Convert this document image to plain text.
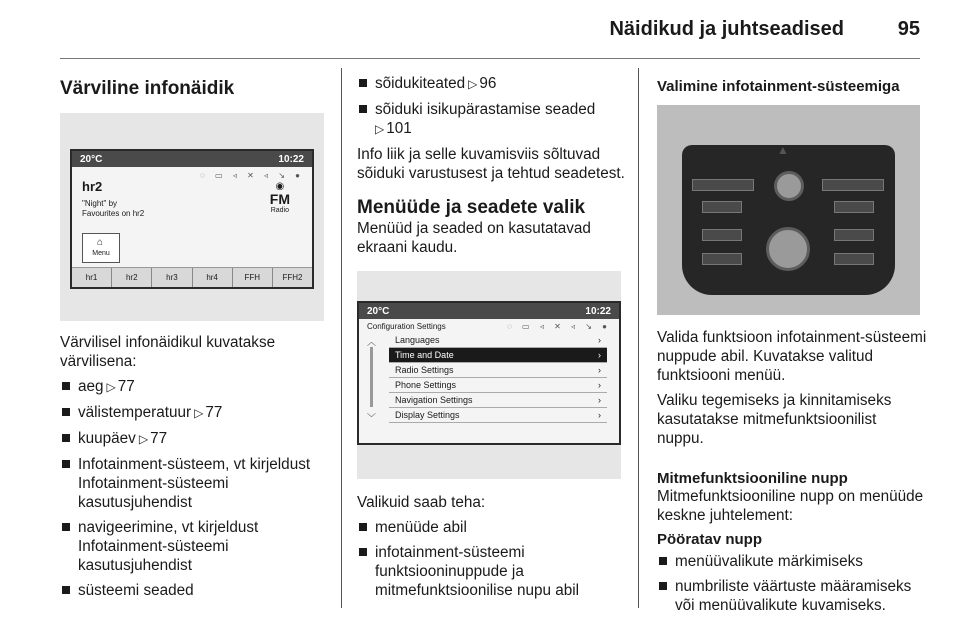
Näidikud ja juhtseadised	95
Värviline infonäidik
20°C	10:22
◌ ▭ ◃ ✕ ◃ ↘ ●
hr2
"Night" by
Favourites on hr2
◉
FM
Radio
⌂
Menu
hr1	hr2	hr3	hr4	FFH	FFH2
Värvilisel infonäidikul kuvatakse värvilisena:
aeg ▷ 77
välistemperatuur ▷ 77
kuupäev ▷ 77
Infotainment-süsteem, vt kirjeldust Infotainment-süsteemi kasutusjuhendist
navigeerimine, vt kirjeldust Infotainment-süsteemi kasutusjuhendist
süsteemi seaded
sõidukiteated ▷ 96
sõiduki isikupärastamise seaded
▷ 101
Info liik ja selle kuvamisviis sõltuvad sõiduki varustusest ja tehtud seadetest.
Menüüde ja seadete valik
Menüüd ja seaded on kasutatavad ekraani kaudu.
20°C	10:22
Configuration Settings	◌ ▭ ◃ ✕ ◃ ↘ ●
︿
﹀
Languages	›
Time and Date	›
Radio Settings	›
Phone Settings	›
Navigation Settings	›
Display Settings	›
Valikuid saab teha:
menüüde abil
infotainment-süsteemi funktsiooninuppude ja mitmefunktsioonilise nupu abil
Valimine infotainment-süsteemiga
▲
Valida funktsioon infotainment-süsteemi nuppude abil. Kuvatakse valitud funktsiooni menüü.
Valiku tegemiseks ja kinnitamiseks kasutatakse mitmefunktsioonilist nuppu.
Mitmefunktsiooniline nupp
Mitmefunktsiooniline nupp on menüüde keskne juhtelement:
Pööratav nupp
menüüvalikute märkimiseks
numbriliste väärtuste määramiseks või menüüvalikute kuvamiseks.
